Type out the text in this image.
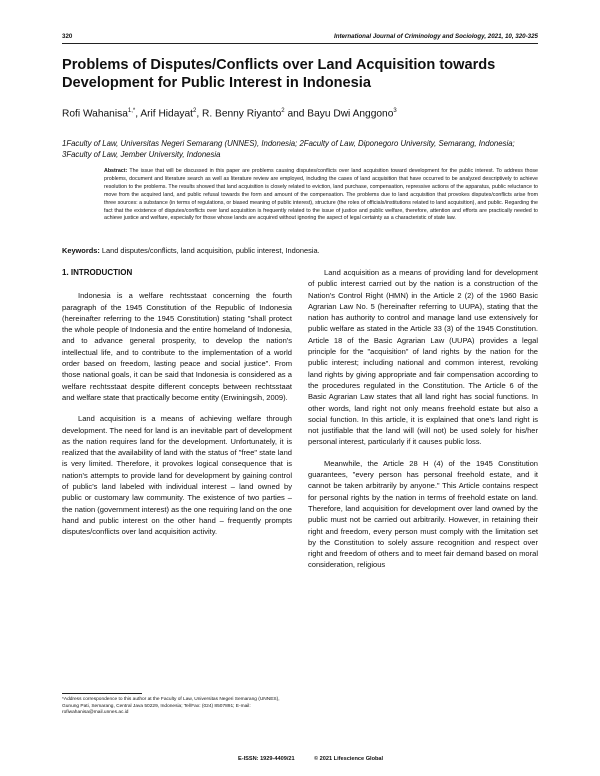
320	International Journal of Criminology and Sociology, 2021, 10, 320-325
Problems of Disputes/Conflicts over Land Acquisition towards Development for Public Interest in Indonesia
Rofi Wahanisa$^{1,*}$, Arif Hidayat$^2$, R. Benny Riyanto$^2$ and Bayu Dwi Anggono$^3$
1Faculty of Law, Universitas Negeri Semarang (UNNES), Indonesia; 2Faculty of Law, Diponegoro University, Semarang, Indonesia; 3Faculty of Law, Jember University, Indonesia
Abstract: The issue that will be discussed in this paper are problems causing disputes/conflicts over land acquisition toward development for the public interest. To address those problems, document and literature search as well as literature review are employed, including the cases of land acquisition that have occurred to be analyzed descriptively to achieve resolution to the problems. The results showed that land acquisition is closely related to eviction, land purchase, compensation, repressive actions of the apparatus, public reluctance to move from the acquired land, and public refusal towards the form and amount of the compensation. The problems due to land acquisition that provokes disputes/conflicts arise from three sources: a substance (in terms of regulations, or biased meaning of public interest), structure (the roles of officials/institutions related to land acquisition), and public. Regarding the fact that the existence of disputes/conflicts over land acquisition is frequently related to the issue of justice and public welfare, therefore, attention and efforts are practically needed to achieve justice and welfare, especially for those whose lands are acquired without ignoring the aspect of legal certainty as a characteristic of state law.
Keywords: Land disputes/conflicts, land acquisition, public interest, Indonesia.
1. INTRODUCTION

Indonesia is a welfare rechtsstaat concerning the fourth paragraph of the 1945 Constitution of the Republic of Indonesia (hereinafter referring to the 1945 Constitution) stating "shall protect the whole people of Indonesia and the entire homeland of Indonesia, and to advance general prosperity, to develop the nation's intellectual life, and to contribute to the implementation of a world order based on freedom, lasting peace and social justice". From those national goals, it can be said that Indonesia is considered as a welfare rechtsstaat despite different concepts between rechtsstaat and welfare state that practically become entity (Erwiningsih, 2009).

Land acquisition is a means of achieving welfare through development. The need for land is an inevitable part of development as the nation requires land for the development. Unfortunately, it is realized that the availability of land with the status of "free" state land is very limited. Therefore, it provokes logical consequence that is nation's attempts to provide land for development by gaining control of public's land labeled with individual interest – land owned by public or customary law community. The existence of two parties – the nation (government interest) as the one requiring land on the one hand and public interest on the other hand – frequently prompts disputes/conflicts over land acquisition activity.

Land acquisition as a means of providing land for development of public interest carried out by the nation is a construction of the Nation's Control Right (HMN) in the Article 2 (2) of the 1960 Basic Agrarian Law No. 5 (hereinafter referring to UUPA), stating that the nation has authority to control and manage land use extensively for public welfare as stated in the Article 33 (3) of the 1945 Constitution. Article 18 of the Basic Agrarian Law (UUPA) provides a legal principle for the "acquisition" of land rights by the nation for the public interest; including national and common interest, revoking land rights by giving appropriate and fair compensation according to the procedures regulated in the Constitution. The Article 6 of the Basic Agrarian Law states that all land right has social functions. In other words, land right not only means freehold estate but also a social function. In this article, it is explained that one's land right is not justifiable that the land will (will not) be used solely for his/her personal interest, particularly if it causes public loss.

Meanwhile, the Article 28 H (4) of the 1945 Constitution guarantees, "every person has personal freehold estate, and it cannot be taken arbitrarily by anyone." This Article contains respect for personal rights by the nation in terms of freehold estate on land. Therefore, land acquisition for development over land owned by the public must not be carried out arbitrarily. However, in retaining their right and freedom, every person must comply with the limitation set by the Constitution to solely assure recognition and respect over right and freedom of others and to meet fair demand based on moral consideration, religious

*Address correspondence to this author at the Faculty of Law, Universitas Negeri Semarang (UNNES), Gunung Pati, Semarang, Central Java 50229, Indonesia; Tel/Fax: (024) 8507891; E-mail: rofiwahanisa@mail.unnes.ac.id
E-ISSN: 1929-4409/21	© 2021 Lifescience Global
